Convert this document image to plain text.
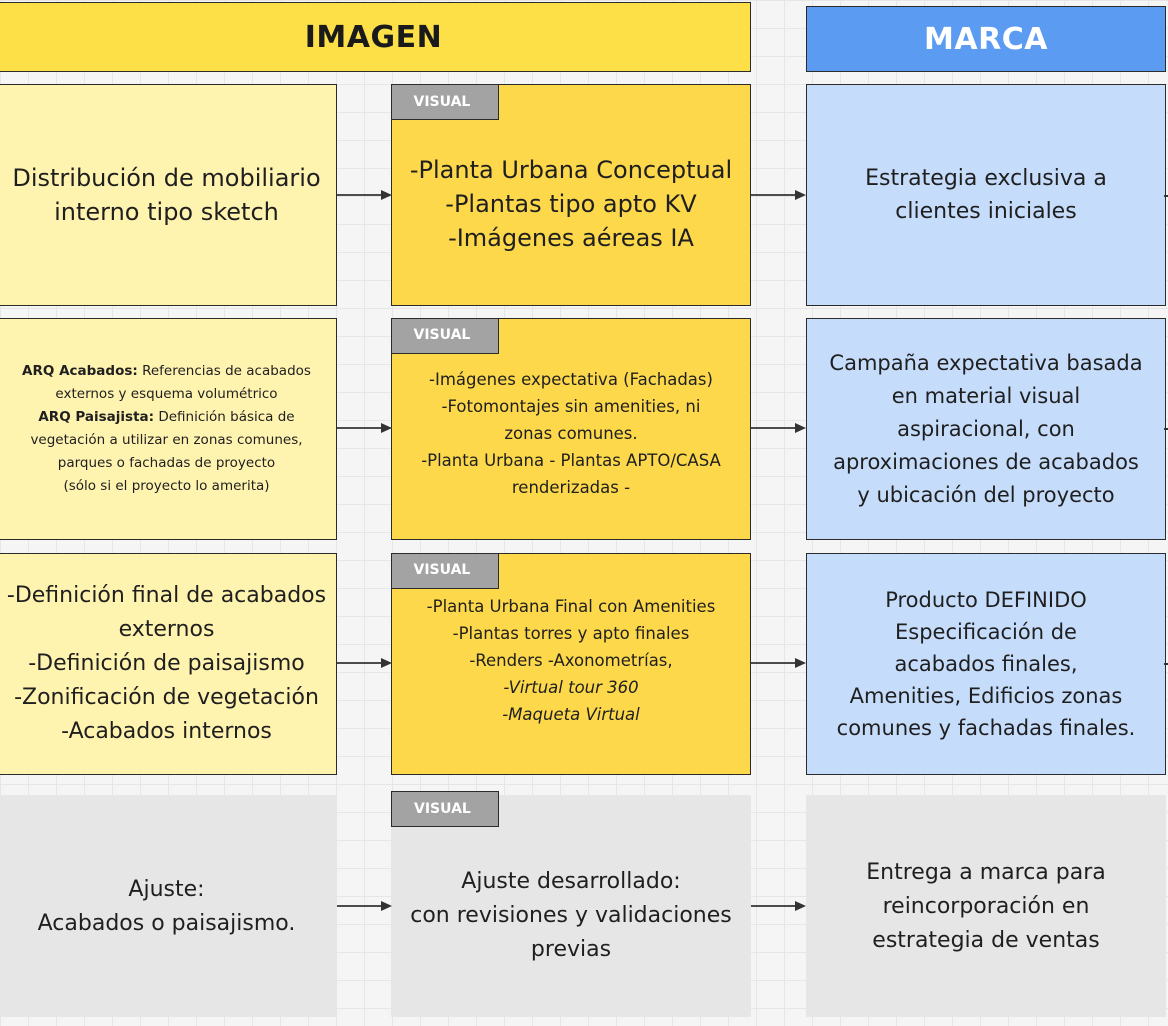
IMAGEN	MARCA
Distribución de mobiliario
interno tipo sketch
VISUAL
-Planta Urbana Conceptual
-Plantas tipo apto KV
-Imágenes aéreas IA
Estrategia exclusiva a
clientes iniciales
ARQ Acabados: Referencias de acabados
externos y esquema volumétrico
ARQ Paisajista: Definición básica de
vegetación a utilizar en zonas comunes,
parques o fachadas de proyecto
(sólo si el proyecto lo amerita)
VISUAL
-Imágenes expectativa (Fachadas)
-Fotomontajes sin amenities, ni
zonas comunes.
-Planta Urbana - Plantas APTO/CASA
renderizadas -
Campaña expectativa basada
en material visual
aspiracional, con
aproximaciones de acabados
y ubicación del proyecto
-Definición final de acabados
externos
-Definición de paisajismo
-Zonificación de vegetación
-Acabados internos
VISUAL
-Planta Urbana Final con Amenities
-Plantas torres y apto finales
-Renders -Axonometrías,
-Virtual tour 360
-Maqueta Virtual
Producto DEFINIDO
Especificación de
acabados finales,
Amenities, Edificios zonas
comunes y fachadas finales.
Ajuste:
Acabados o paisajismo.
VISUAL
Ajuste desarrollado:
con revisiones y validaciones
previas
Entrega a marca para
reincorporación en
estrategia de ventas
